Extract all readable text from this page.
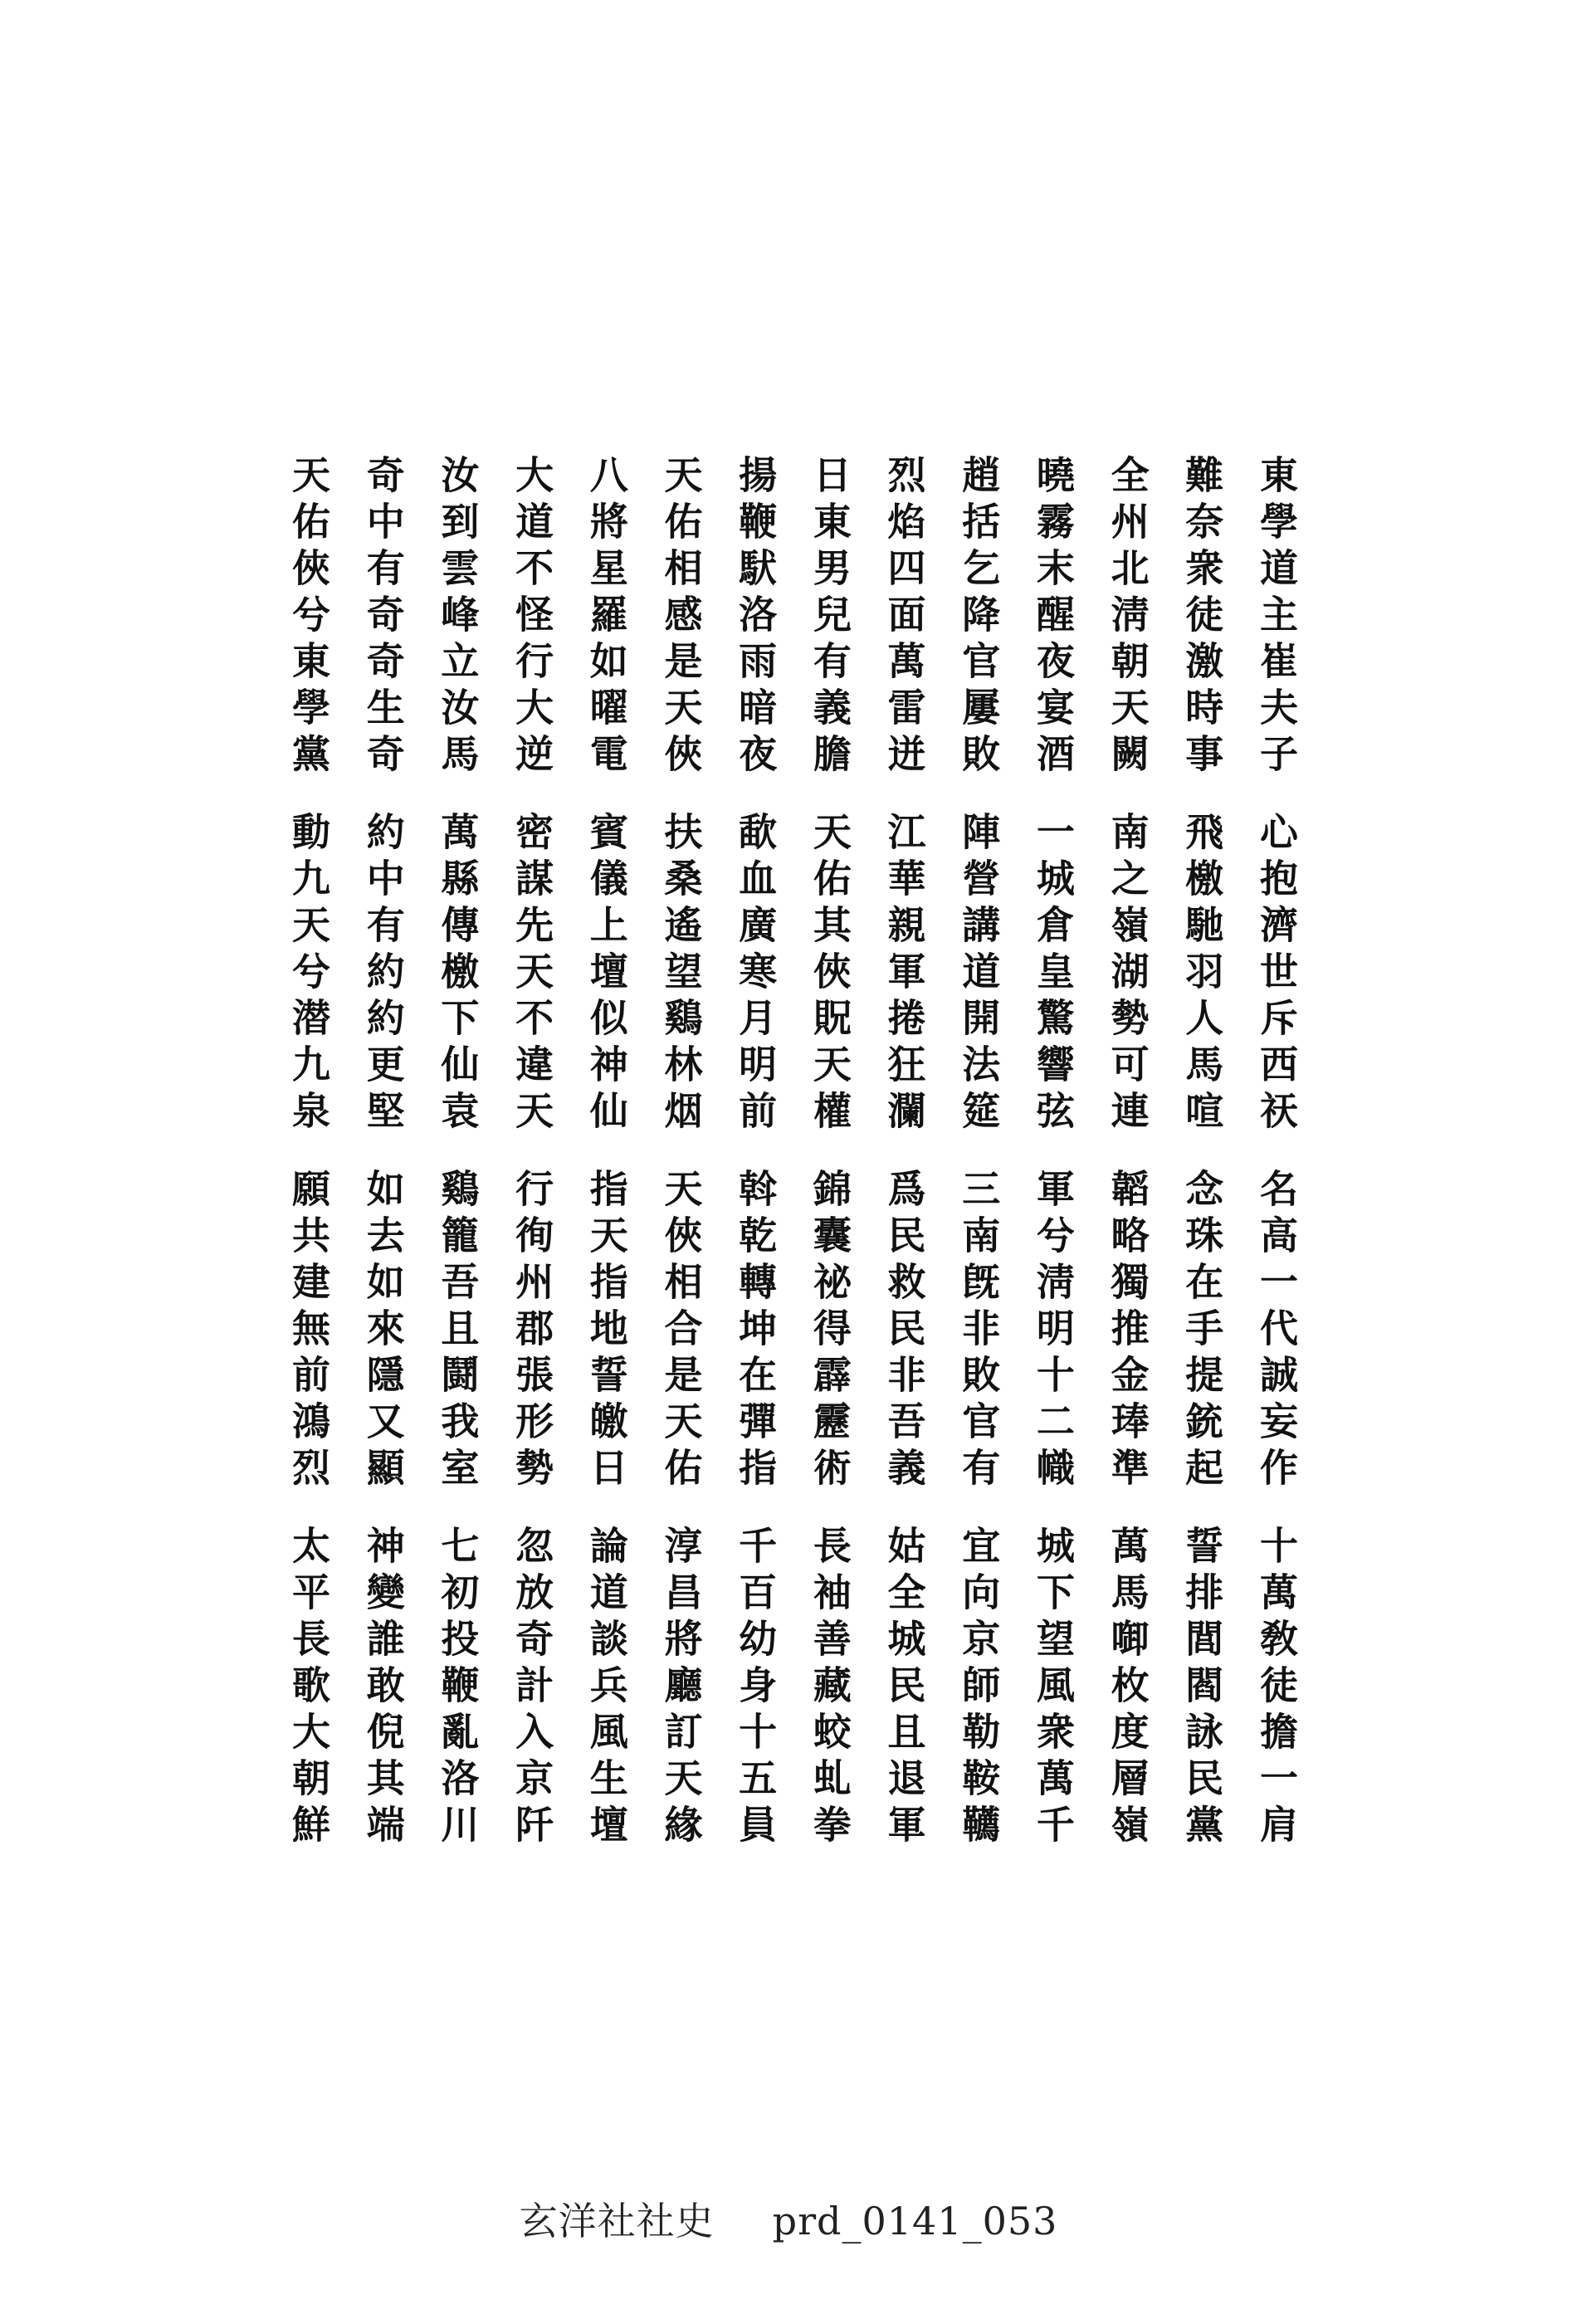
東學道主崔夫子
心抱濟世斥西祆
名高一代誠妄作
十萬敎徒擔一肩
難奈衆徒激時事
飛檄馳羽人馬喧
念珠在手提銃起
誓排閭閻詠民黨
全州北淸朝天闕
南之嶺湖勢可連
韜略獨推金琫準
萬馬啣枚度層嶺
曉霧末醒夜宴酒
一城倉皇驚響弦
軍兮淸明十二幟
城下望風衆萬千
趙括乞降官屢敗
陣營講道開法筵
三南旣非敗官有
宜向京師勒鞍韉
烈焰四面萬雷迸
江華親軍捲狂瀾
爲民救民非吾義
姑全城民且退軍
日東男兒有義膽
天佑其俠貺天權
錦囊祕得霹靂術
長袖善藏蛟虬拳
揚鞭䭾洛雨暗夜
歃血廣寒月明前
斡乾轉坤在彈指
千百幼身十五員
天佑相感是天俠
扶桑遙望鷄林烟
天俠相合是天佑
淳昌將廳訂天緣
八將星羅如曜電
賓儀上壇似神仙
指天指地誓皦日
論道談兵風生壇
大道不怪行大逆
密謀先天不違天
行徇州郡張形勢
忽放奇計入京阡
汝到雲峰立汝馬
萬縣傳檄下仙袁
鷄籠吾且鬪我室
七初投鞭亂洛川
奇中有奇奇生奇
約中有約約更堅
如去如來隱又顯
神變誰敢倪其端
天佑俠兮東學黨
動九天兮潜九泉
願共建無前鴻烈
太平長歌大朝鮮
玄洋社社史 prd_0141_053
